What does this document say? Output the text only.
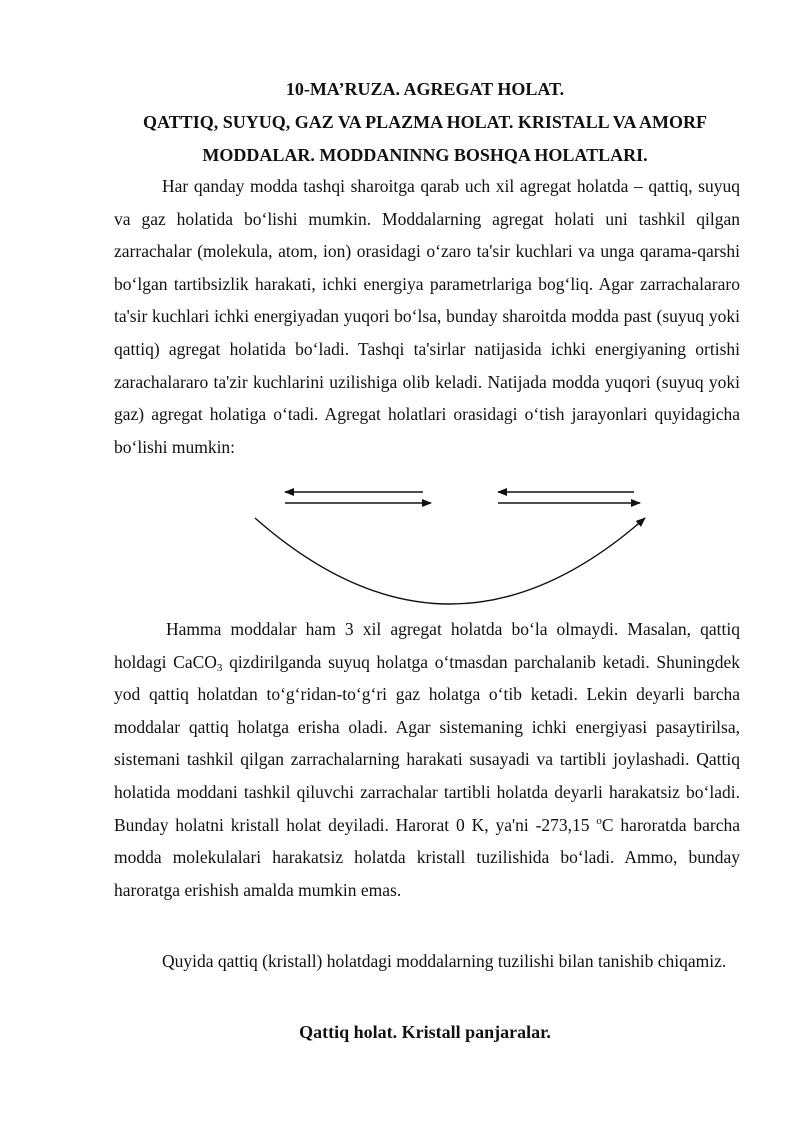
10-MA’RUZA. AGREGAT HOLAT.

QATTIQ, SUYUQ, GAZ VA PLAZMA HOLAT. KRISTALL VA AMORF

MODDALAR. MODDANINNG BOSHQA HOLATLARI.

Har qanday modda tashqi sharoitga qarab uch xil agregat holatda – qattiq, suyuq va gaz holatida bo‘lishi mumkin. Moddalarning agregat holati uni tashkil qilgan zarrachalar (molekula, atom, ion) orasidagi o‘zaro ta'sir kuchlari va unga qarama-qarshi bo‘lgan tartibsizlik harakati, ichki energiya parametrlariga bog‘liq. Agar zarrachalararo ta'sir kuchlari ichki energiyadan yuqori bo‘lsa, bunday sharoitda modda past (suyuq yoki qattiq) agregat holatida bo‘ladi. Tashqi ta'sirlar natijasida ichki energiyaning ortishi zarachalararo ta'zir kuchlarini uzilishiga olib keladi. Natijada modda yuqori (suyuq yoki gaz) agregat holatiga o‘tadi. Agregat holatlari orasidagi o‘tish jarayonlari quyidagicha bo‘lishi mumkin:

Hamma moddalar ham 3 xil agregat holatda bo‘la olmaydi. Masalan, qattiq holdagi CaCO$_3$ qizdirilganda suyuq holatga o‘tmasdan parchalanib ketadi. Shuningdek yod qattiq holatdan to‘g‘ridan-to‘g‘ri gaz holatga o‘tib ketadi. Lekin deyarli barcha moddalar qattiq holatga erisha oladi. Agar sistemaning ichki energiyasi pasaytirilsa, sistemani tashkil qilgan zarrachalarning harakati susayadi va tartibli joylashadi. Qattiq holatida moddani tashkil qiluvchi zarrachalar tartibli holatda deyarli harakatsiz bo‘ladi. Bunday holatni kristall holat deyiladi. Harorat 0 K, ya'ni -273,15 $^o$C haroratda barcha modda molekulalari harakatsiz holatda kristall tuzilishida bo‘ladi. Ammo, bunday haroratga erishish amalda mumkin emas.

Quyida qattiq (kristall) holatdagi moddalarning tuzilishi bilan tanishib chiqamiz.

Qattiq holat. Kristall panjaralar.
